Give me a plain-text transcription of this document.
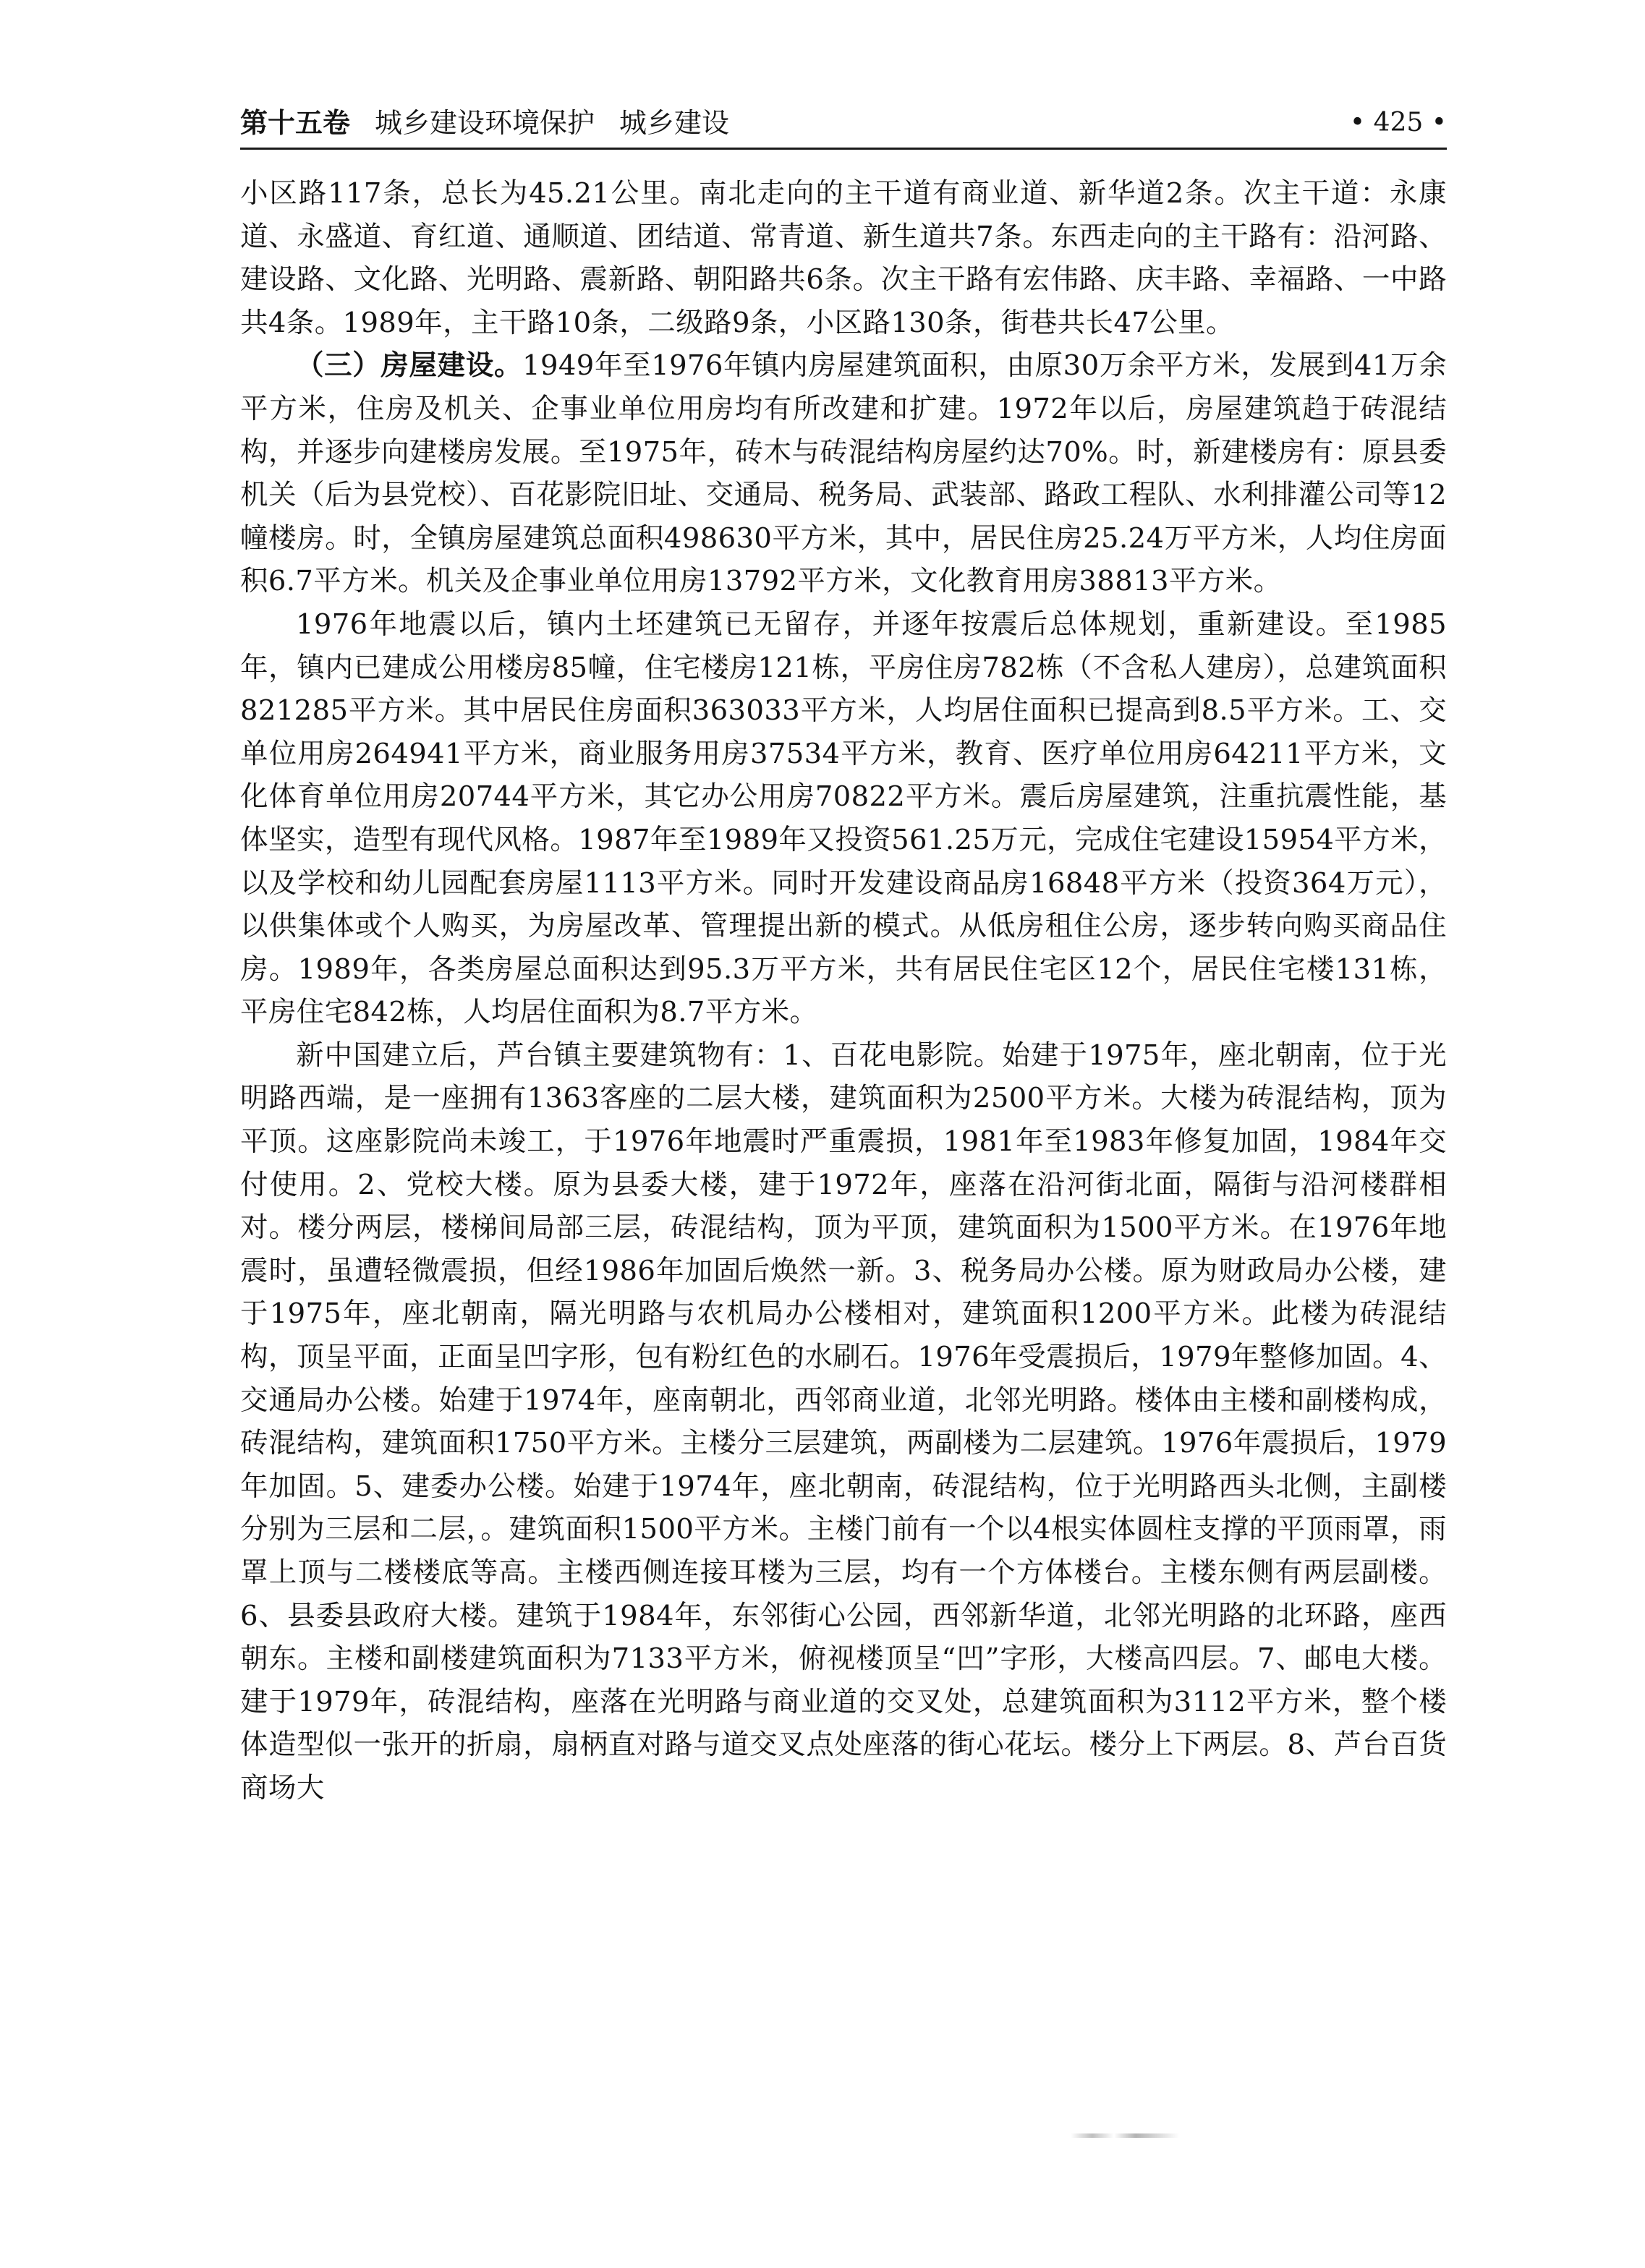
第十五卷 城乡建设环境保护 城乡建设	• 425 •

小区路117条，总长为45.21公里。南北走向的主干道有商业道、新华道2条。次主干道：永康道、永盛道、育红道、通顺道、团结道、常青道、新生道共7条。东西走向的主干路有：沿河路、建设路、文化路、光明路、震新路、朝阳路共6条。次主干路有宏伟路、庆丰路、幸福路、一中路共4条。1989年，主干路10条，二级路9条，小区路130条，街巷共长47公里。

（三）房屋建设。1949年至1976年镇内房屋建筑面积，由原30万余平方米，发展到41万余平方米，住房及机关、企事业单位用房均有所改建和扩建。1972年以后，房屋建筑趋于砖混结构，并逐步向建楼房发展。至1975年，砖木与砖混结构房屋约达70%。时，新建楼房有：原县委机关（后为县党校）、百花影院旧址、交通局、税务局、武装部、路政工程队、水利排灌公司等12幢楼房。时，全镇房屋建筑总面积498630平方米，其中，居民住房25.24万平方米，人均住房面积6.7平方米。机关及企事业单位用房13792平方米，文化教育用房38813平方米。

1976年地震以后，镇内土坯建筑已无留存，并逐年按震后总体规划，重新建设。至1985年，镇内已建成公用楼房85幢，住宅楼房121栋，平房住房782栋（不含私人建房），总建筑面积821285平方米。其中居民住房面积363033平方米，人均居住面积已提高到8.5平方米。工、交单位用房264941平方米，商业服务用房37534平方米，教育、医疗单位用房64211平方米，文化体育单位用房20744平方米，其它办公用房70822平方米。震后房屋建筑，注重抗震性能，基体坚实，造型有现代风格。1987年至1989年又投资561.25万元，完成住宅建设15954平方米，以及学校和幼儿园配套房屋1113平方米。同时开发建设商品房16848平方米（投资364万元），以供集体或个人购买，为房屋改革、管理提出新的模式。从低房租住公房，逐步转向购买商品住房。1989年，各类房屋总面积达到95.3万平方米，共有居民住宅区12个，居民住宅楼131栋，平房住宅842栋，人均居住面积为8.7平方米。

新中国建立后，芦台镇主要建筑物有：1、百花电影院。始建于1975年，座北朝南，位于光明路西端，是一座拥有1363客座的二层大楼，建筑面积为2500平方米。大楼为砖混结构，顶为平顶。这座影院尚未竣工，于1976年地震时严重震损，1981年至1983年修复加固，1984年交付使用。2、党校大楼。原为县委大楼，建于1972年，座落在沿河街北面，隔街与沿河楼群相对。楼分两层，楼梯间局部三层，砖混结构，顶为平顶，建筑面积为1500平方米。在1976年地震时，虽遭轻微震损，但经1986年加固后焕然一新。3、税务局办公楼。原为财政局办公楼，建于1975年，座北朝南，隔光明路与农机局办公楼相对，建筑面积1200平方米。此楼为砖混结构，顶呈平面，正面呈凹字形，包有粉红色的水刷石。1976年受震损后，1979年整修加固。4、交通局办公楼。始建于1974年，座南朝北，西邻商业道，北邻光明路。楼体由主楼和副楼构成，砖混结构，建筑面积1750平方米。主楼分三层建筑，两副楼为二层建筑。1976年震损后，1979年加固。5、建委办公楼。始建于1974年，座北朝南，砖混结构，位于光明路西头北侧，主副楼分别为三层和二层，。建筑面积1500平方米。主楼门前有一个以4根实体圆柱支撑的平顶雨罩，雨罩上顶与二楼楼底等高。主楼西侧连接耳楼为三层，均有一个方体楼台。主楼东侧有两层副楼。6、县委县政府大楼。建筑于1984年，东邻街心公园，西邻新华道，北邻光明路的北环路，座西朝东。主楼和副楼建筑面积为7133平方米，俯视楼顶呈“凹”字形，大楼高四层。7、邮电大楼。建于1979年，砖混结构，座落在光明路与商业道的交叉处，总建筑面积为3112平方米，整个楼体造型似一张开的折扇，扇柄直对路与道交叉点处座落的街心花坛。楼分上下两层。8、芦台百货商场大
